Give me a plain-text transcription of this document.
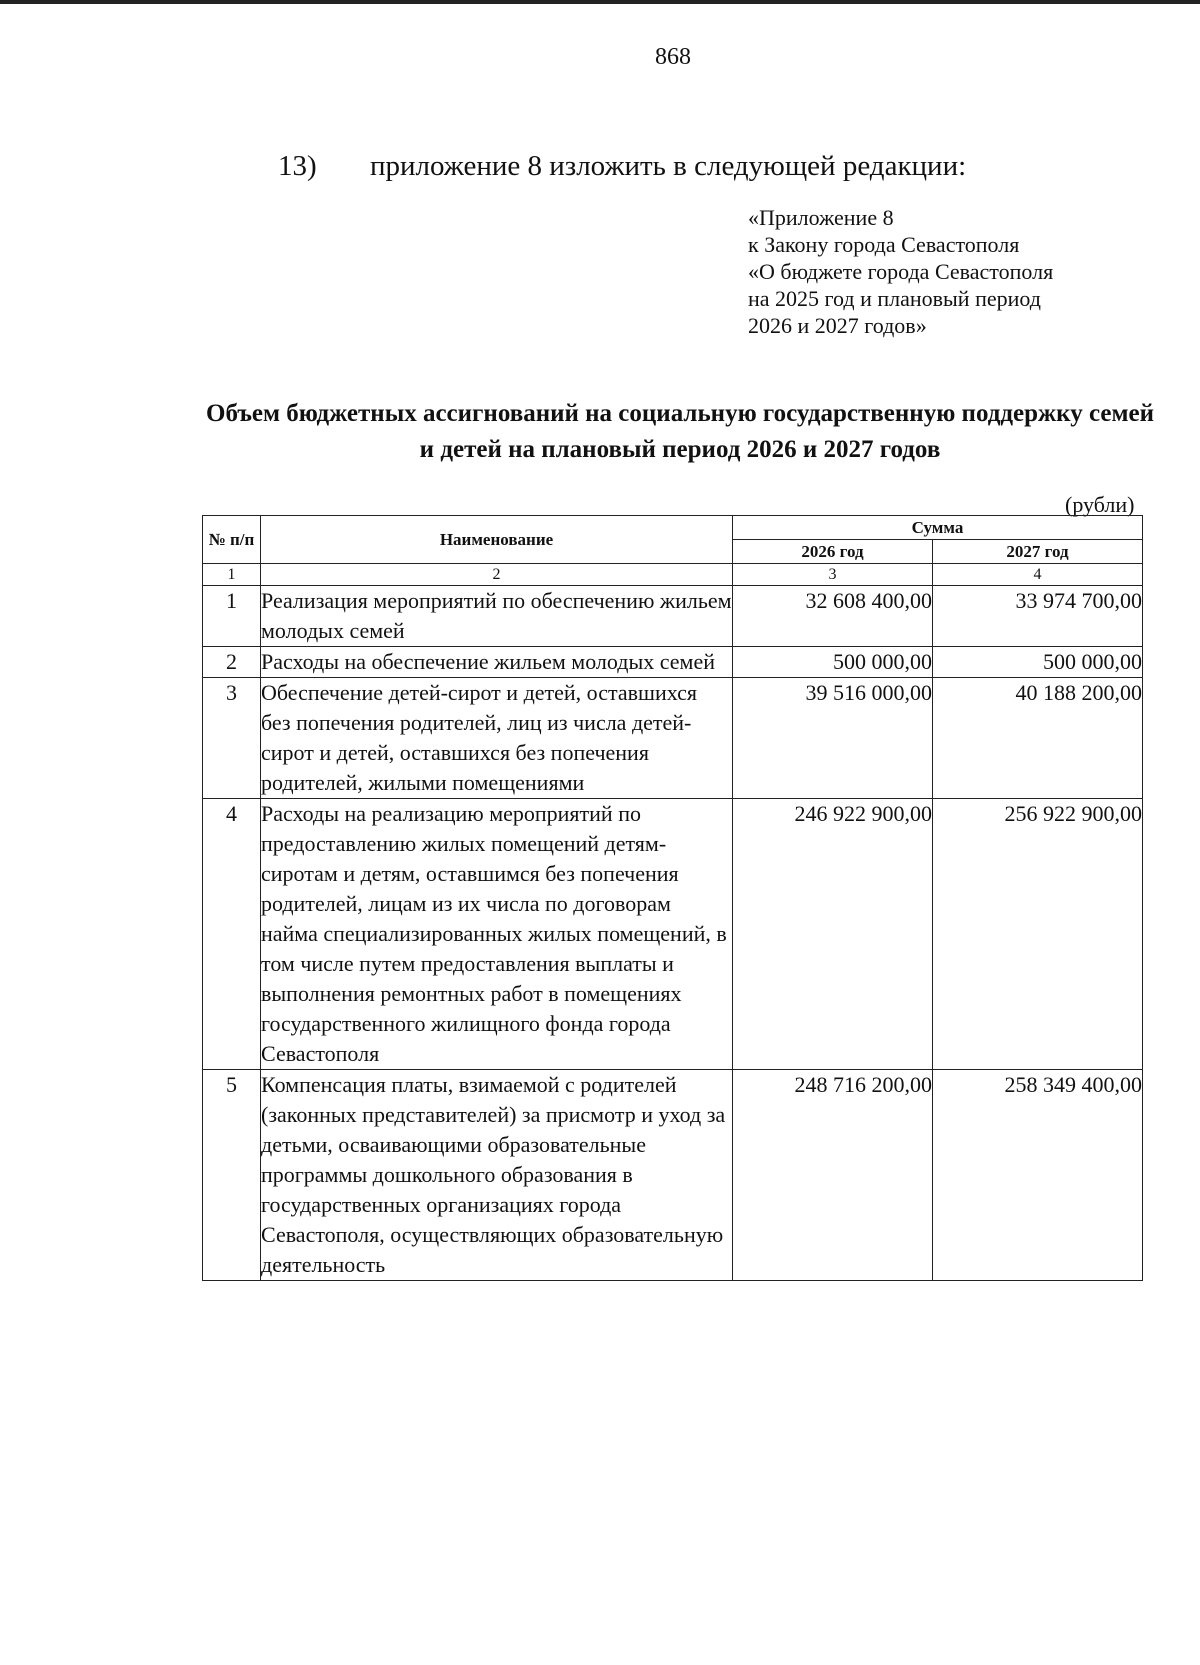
868
13) приложение 8 изложить в следующей редакции:
«Приложение 8
к Закону города Севастополя
«О бюджете города Севастополя
на 2025 год и плановый период
2026 и 2027 годов»
Объем бюджетных ассигнований на социальную государственную поддержку семей и детей на плановый период 2026 и 2027 годов
(рубли)
№ п/п	Наименование	Сумма	
		2026 год	2027 год
1	2	3	4
1	Реализация мероприятий по обеспечению жильем молодых семей	32 608 400,00	33 974 700,00
2	Расходы на обеспечение жильем молодых семей	500 000,00	500 000,00
3	Обеспечение детей-сирот и детей, оставшихся без попечения родителей, лиц из числа детей-сирот и детей, оставшихся без попечения родителей, жилыми помещениями	39 516 000,00	40 188 200,00
4	Расходы на реализацию мероприятий по предоставлению жилых помещений детям-сиротам и детям, оставшимся без попечения родителей, лицам из их числа по договорам найма специализированных жилых помещений, в том числе путем предоставления выплаты и выполнения ремонтных работ в помещениях государственного жилищного фонда города Севастополя	246 922 900,00	256 922 900,00
5	Компенсация платы, взимаемой с родителей (законных представителей) за присмотр и уход за детьми, осваивающими образовательные программы дошкольного образования в государственных организациях города Севастополя, осуществляющих образовательную деятельность	248 716 200,00	258 349 400,00
